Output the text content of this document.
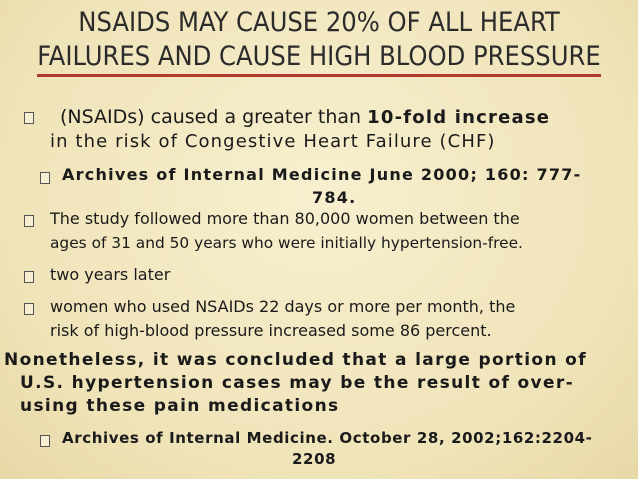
NSAIDS MAY CAUSE 20% OF ALL HEART
FAILURES AND CAUSE HIGH BLOOD PRESSURE
(NSAIDs) caused a greater than 10-fold increase
in the risk of Congestive Heart Failure (CHF)
Archives of Internal Medicine June 2000; 160: 777-
784.
The study followed more than 80,000 women between the
ages of 31 and 50 years who were initially hypertension-free.
two years later
women who used NSAIDs 22 days or more per month, the
risk of high-blood pressure increased some 86 percent.
Nonetheless, it was concluded that a large portion of
U.S. hypertension cases may be the result of over-
using these pain medications
Archives of Internal Medicine. October 28, 2002;162:2204-
2208
